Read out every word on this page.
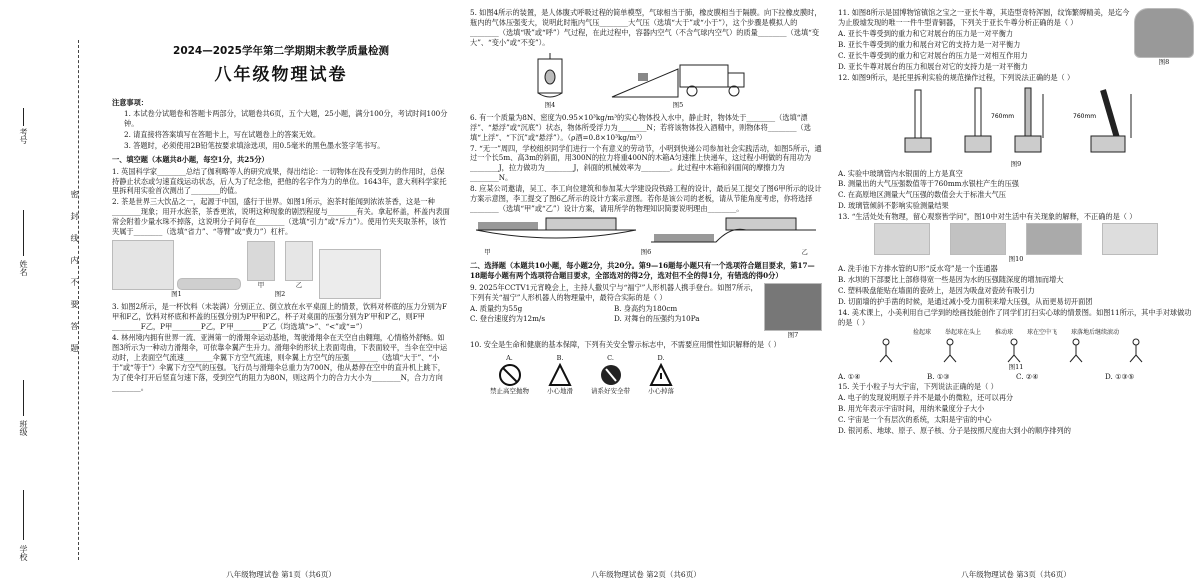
考号
姓名
班级
学校
密封线内不要答题
2024—2025学年第二学期期末教学质量检测
八年级物理试卷

注意事项：

1. 本试卷分试题卷和答题卡两部分，试题卷共6页，五个大题，25小题，满分100分，考试时间100分钟。

2. 请直接将答案填写在答题卡上，写在试题卷上的答案无效。

3. 答题时，必须使用2B铅笔按要求填涂选项，用0.5毫米的黑色墨水签字笔书写。

一、填空题（本题共8小题，每空1分，共25分）

1. 英国科学家________总结了伽利略等人的研究成果，得出结论：一切物体在没有受到力的作用时，总保持静止状态或匀速直线运动状态，后人为了纪念他，把他的名字作为力的单位。1643年，意大利科学家托里拆利用实验首次测出了________的值。

2. 茶是世界三大饮品之一，起源于中国，盛行于世界。如图1所示，泡茶时能闻到浓浓茶香，这是一种________现象；用开水泡茶，茶香更浓，说明这种现象的剧烈程度与________有关。拿起杯盖，杯盖内表面常会附着少量水珠不掉落，这说明分子间存在________（选填“引力”或“斥力”）。使用竹夹夹取茶杯，该竹夹属于________（选填“省力”、“等臂”或“费力”）杠杆。

图1
甲	乙
图2

3. 如图2所示，是一杯饮料（未装满）分别正立、倒立放在水平桌面上的情景，饮料对杯底的压力分别为F甲和F乙，饮料对杯底和杯盖的压强分别为P甲和P乙，杯子对桌面的压强分别为P′甲和P′乙，则F甲________F乙，P甲________P乙，P′甲________P′乙（均选填“>”、“<”或“=”）

4. 林州境内拥有世界一流、亚洲第一的滑翔伞运动基地，驾驶滑翔伞在天空自由翱翔，心情格外舒畅。如图3所示为一种动力滑翔伞，可依靠伞翼产生升力。滑翔伞的形状上表面弯曲，下表面较平，当伞在空中运动时，上表面空气流速________伞翼下方空气流速，则伞翼上方空气的压强________（选填“大于”、“小于”或“等于”）伞翼下方空气的压强。飞行员与滑翔伞总重力为700N，他从悬停在空中的直升机上跳下，为了使伞打开后竖直匀速下落，受到空气的阻力为80N，则这两个力的合力大小为________N，合力方向________。

八年级物理试卷 第1页（共6页）

5. 如图4所示的装置，是人体腹式呼吸过程的简单模型，气球相当于肺，橡皮膜相当于隔膜。向下拉橡皮膜时，瓶内的气体压强变大，说明此时瓶内气压________大气压（选填“大于”或“小于”），这个步骤是模拟人的________（选填“吸”或“呼”）气过程，在此过程中，容器内空气（不含气球内空气）的质量________（选填“变大”、“变小”或“不变”）。

图4	图5

6. 有一个质量为8N、密度为0.95×10³kg/m³的实心物体投入水中，静止时，物体处于________（选填“漂浮”、“悬浮”或“沉底”）状态，物体所受浮力为________N；若将该物体投入酒精中，则物体将________（选填“上浮”、“下沉”或“悬浮”）。（ρ酒=0.8×10³kg/m³）

7. “无一”周四，学校组织同学们进行一个有意义的劳动节，小明到快递公司参加社会实践活动，如图5所示，通过一个长5m、高3m的斜面，用300N的拉力将重400N的木箱A匀速推上快递车，这过程小明做的有用功为________J，拉力做功为________J，斜面的机械效率为________。此过程中木箱和斜面间的摩擦力为________N。

8. 应某公司邀请，吴工、李工向位建筑和参加某大学建设段铁路工程的设计，最后吴工提交了图6甲所示的设计方案示意图，李工提交了图6乙所示的设计方案示意图。若你是该公司的老板，请从节能角度考虑，你将选择________（选填“甲”或“乙”）设计方案，请用所学的物理知识简要说明理由________。

甲	图6	乙

二、选择题（本题共10小题，每小题2分，共20分。第9—16题每小题只有一个选项符合题目要求，第17—18题每小题有两个选项符合题目要求，全部选对的得2分，选对但不全的得1分，有错选的得0分）

9. 2025年CCTV1元宵晚会上，主持人撒贝宁与“福宁”人形机器人携手登台。如图7所示，下列有关“福宁”人形机器人的物理量中，最符合实际的是（ ）

A. 质量约为55g	B. 身高约为180cm
C. 登台速度约为12m/s	D. 对舞台的压强约为10Pa
图7

10. 安全是生命和健康的基本保障，下列有关安全警示标志中，不需要应用惯性知识解释的是（ ）

A.
禁止高空抛物
B.
小心地滑
C.
请系好安全带
D.
小心掉落
八年级物理试卷 第2页（共6页）

11. 如图8所示是国博物馆镇馆之宝之一亚长牛尊，其造型奇特浑圆，纹饰繁缛精美，是迄今为止殷墟发现的唯一一件牛型青铜器，下列关于亚长牛尊分析正确的是（ ）

A. 亚长牛尊受到的重力和它对展台的压力是一对平衡力

B. 亚长牛尊受到的重力和展台对它的支持力是一对平衡力

C. 亚长牛尊受到的重力和它对展台的压力是一对相互作用力

D. 亚长牛尊对展台的压力和展台对它的支持力是一对平衡力	图8

12. 如图9所示，是托里拆利实验的规范操作过程，下列说法正确的是（ ）

760mm	760mm
图9

A. 实验中玻璃管内水银面的上方是真空

B. 测量出的大气压强数值等于760mm水银柱产生的压强

C. 在高原地区测量大气压强的数值会大于标准大气压

D. 玻璃管倾斜不影响实验测量结果

13. “生活处处有物理，留心观察皆学问”，图10中对生活中有关现象的解释，不正确的是（ ）

图10

A. 洗手池下方排水管的U形“反水弯”是一个连通器

B. 水坝的下部要比上部修得宽一些是因为水的压强随深度的增加而增大

C. 塑料吸盘能贴在墙面的瓷砖上，是因为吸盘对瓷砖有吸引力

D. 切面墙的护手凿的时候，是通过减小受力面积来增大压强，从而更易切开面团

14. 美术课上，小美利用自己学到的绘画技能创作了同学们打扫实心球的情景图。如图11所示，其中手对球做功的是（ ）

捡起球 举起球在头上 推动球 球在空中飞 球落地后继续滚动
图11
A. ①④	B. ①③	C. ②④	D. ①③⑤

15. 关于小粒子与大宇宙，下列说法正确的是（ ）

A. 电子的发现说明原子并不是最小的微粒，还可以再分

B. 用光年表示宇宙时间，用纳米量度分子大小

C. 宇宙是一个有层次的系统，太阳是宇宙的中心

D. 银河系、地球、原子、原子核、分子是按照尺度由大到小的顺序排列的

八年级物理试卷 第3页（共6页）
